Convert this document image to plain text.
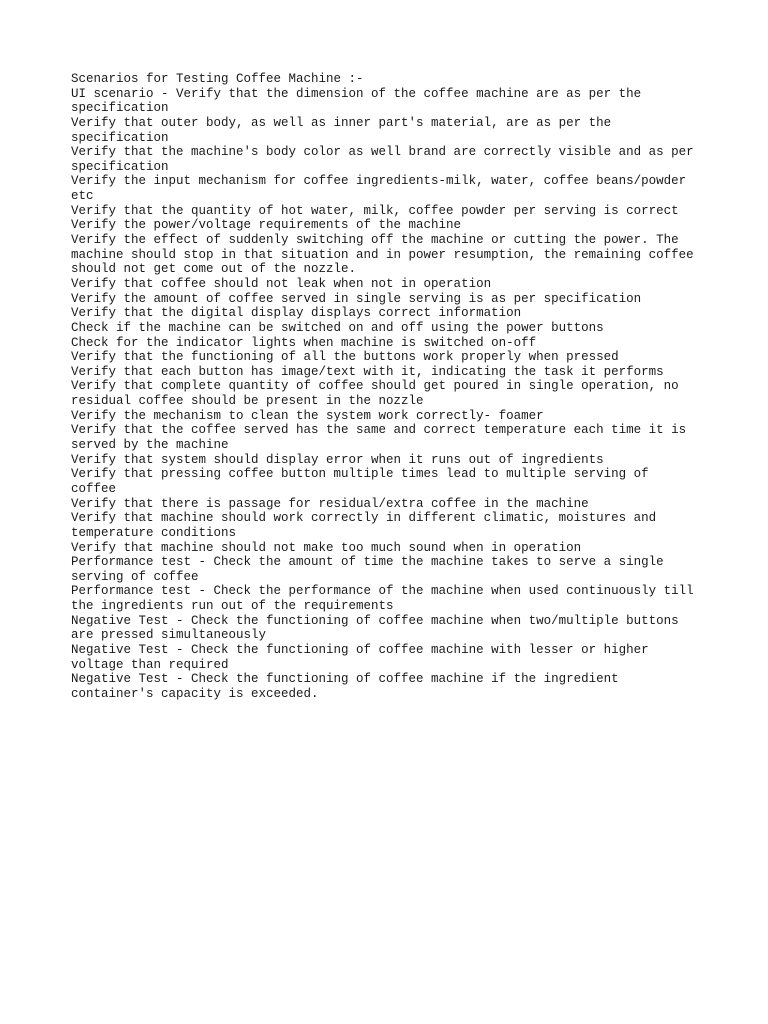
Scenarios for Testing Coffee Machine :-
UI scenario - Verify that the dimension of the coffee machine are as per the
specification
Verify that outer body, as well as inner part's material, are as per the
specification
Verify that the machine's body color as well brand are correctly visible and as per
specification
Verify the input mechanism for coffee ingredients-milk, water, coffee beans/powder
etc
Verify that the quantity of hot water, milk, coffee powder per serving is correct
Verify the power/voltage requirements of the machine
Verify the effect of suddenly switching off the machine or cutting the power. The
machine should stop in that situation and in power resumption, the remaining coffee
should not get come out of the nozzle.
Verify that coffee should not leak when not in operation
Verify the amount of coffee served in single serving is as per specification
Verify that the digital display displays correct information
Check if the machine can be switched on and off using the power buttons
Check for the indicator lights when machine is switched on-off
Verify that the functioning of all the buttons work properly when pressed
Verify that each button has image/text with it, indicating the task it performs
Verify that complete quantity of coffee should get poured in single operation, no
residual coffee should be present in the nozzle
Verify the mechanism to clean the system work correctly- foamer
Verify that the coffee served has the same and correct temperature each time it is
served by the machine
Verify that system should display error when it runs out of ingredients
Verify that pressing coffee button multiple times lead to multiple serving of
coffee
Verify that there is passage for residual/extra coffee in the machine
Verify that machine should work correctly in different climatic, moistures and
temperature conditions
Verify that machine should not make too much sound when in operation
Performance test - Check the amount of time the machine takes to serve a single
serving of coffee
Performance test - Check the performance of the machine when used continuously till
the ingredients run out of the requirements
Negative Test - Check the functioning of coffee machine when two/multiple buttons
are pressed simultaneously
Negative Test - Check the functioning of coffee machine with lesser or higher
voltage than required
Negative Test - Check the functioning of coffee machine if the ingredient
container's capacity is exceeded.
